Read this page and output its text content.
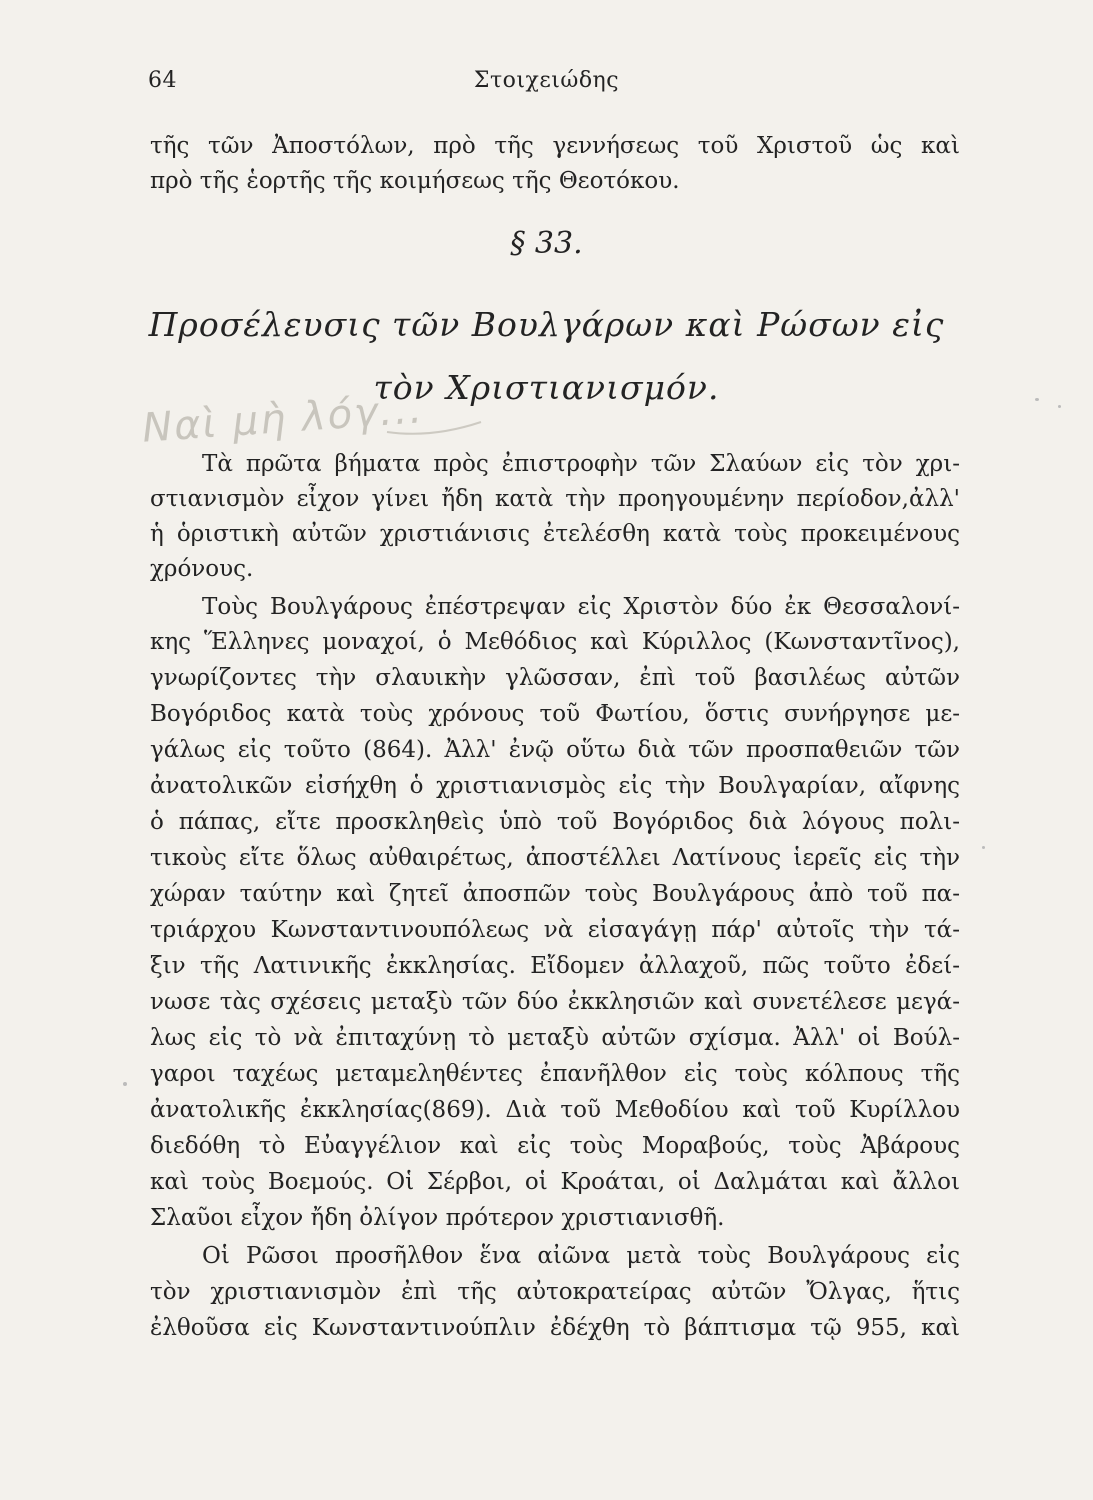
64	Στοιχειώδης
τῆς τῶν Ἀποστόλων, πρὸ τῆς γεννήσεως τοῦ Χριστοῦ ὡς καὶ
πρὸ τῆς ἑορτῆς τῆς κοιμήσεως τῆς Θεοτόκου.
§ 33.
Προσέλευσις τῶν Βουλγάρων καὶ Ρώσων εἰς
τὸν Χριστιανισμόν.
Ναὶ μὴ λόγ...
Τὰ πρῶτα βήματα πρὸς ἐπιστροφὴν τῶν Σλαύων εἰς τὸν χρι-
στιανισμὸν εἶχον γίνει ἤδη κατὰ τὴν προηγουμένην περίοδον,ἀλλ'
ἡ ὁριστικὴ αὐτῶν χριστιάνισις ἐτελέσθη κατὰ τοὺς προκειμένους
χρόνους.
Τοὺς Βουλγάρους ἐπέστρεψαν εἰς Χριστὸν δύο ἐκ Θεσσαλονί-
κης Ἕλληνες μοναχοί, ὁ Μεθόδιος καὶ Κύριλλος (Κωνσταντῖνος),
γνωρίζοντες τὴν σλαυικὴν γλῶσσαν, ἐπὶ τοῦ βασιλέως αὐτῶν
Βογόριδος κατὰ τοὺς χρόνους τοῦ Φωτίου, ὅστις συνήργησε με-
γάλως εἰς τοῦτο (864). Ἀλλ' ἐνῷ οὕτω διὰ τῶν προσπαθειῶν τῶν
ἀνατολικῶν εἰσήχθη ὁ χριστιανισμὸς εἰς τὴν Βουλγαρίαν, αἴφνης
ὁ πάπας, εἴτε προσκληθεὶς ὑπὸ τοῦ Βογόριδος διὰ λόγους πολι-
τικοὺς εἴτε ὅλως αὐθαιρέτως, ἀποστέλλει Λατίνους ἱερεῖς εἰς τὴν
χώραν ταύτην καὶ ζητεῖ ἀποσπῶν τοὺς Βουλγάρους ἀπὸ τοῦ πα-
τριάρχου Κωνσταντινουπόλεως νὰ εἰσαγάγῃ πάρ' αὐτοῖς τὴν τά-
ξιν τῆς Λατινικῆς ἐκκλησίας. Εἴδομεν ἀλλαχοῦ, πῶς τοῦτο ἐδεί-
νωσε τὰς σχέσεις μεταξὺ τῶν δύο ἐκκλησιῶν καὶ συνετέλεσε μεγά-
λως εἰς τὸ νὰ ἐπιταχύνῃ τὸ μεταξὺ αὐτῶν σχίσμα. Ἀλλ' οἱ Βούλ-
γαροι ταχέως μεταμεληθέντες ἐπανῆλθον εἰς τοὺς κόλπους τῆς
ἀνατολικῆς ἐκκλησίας(869). Διὰ τοῦ Μεθοδίου καὶ τοῦ Κυρίλλου
διεδόθη τὸ Εὐαγγέλιον καὶ εἰς τοὺς Μοραβούς, τοὺς Ἀβάρους
καὶ τοὺς Βοεμούς. Οἱ Σέρβοι, οἱ Κροάται, οἱ Δαλμάται καὶ ἄλλοι
Σλαῦοι εἶχον ἤδη ὀλίγον πρότερον χριστιανισθῆ.
Οἱ Ρῶσοι προσῆλθον ἕνα αἰῶνα μετὰ τοὺς Βουλγάρους εἰς
τὸν χριστιανισμὸν ἐπὶ τῆς αὐτοκρατείρας αὐτῶν Ὄλγας, ἥτις
ἐλθοῦσα εἰς Κωνσταντινούπλιν ἐδέχθη τὸ βάπτισμα τῷ 955, καὶ
